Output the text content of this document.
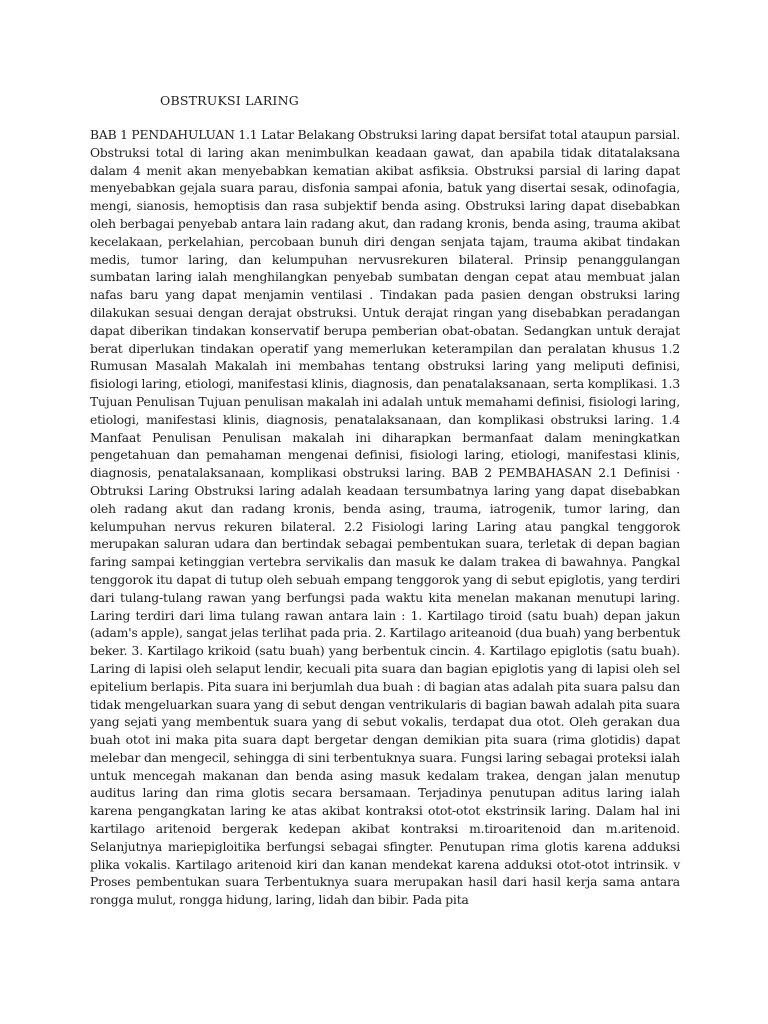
OBSTRUKSI LARING

BAB 1 PENDAHULUAN 1.1 Latar Belakang Obstruksi laring dapat bersifat total ataupun parsial. Obstruksi total di laring akan menimbulkan keadaan gawat, dan apabila tidak ditatalaksana dalam 4 menit akan menyebabkan kematian akibat asfiksia. Obstruksi parsial di laring dapat menyebabkan gejala suara parau, disfonia sampai afonia, batuk yang disertai sesak, odinofagia, mengi, sianosis, hemoptisis dan rasa subjektif benda asing. Obstruksi laring dapat disebabkan oleh berbagai penyebab antara lain radang akut, dan radang kronis, benda asing, trauma akibat kecelakaan, perkelahian, percobaan bunuh diri dengan senjata tajam, trauma akibat tindakan medis, tumor laring, dan kelumpuhan nervusrekuren bilateral. Prinsip penanggulangan sumbatan laring ialah menghilangkan penyebab sumbatan dengan cepat atau membuat jalan nafas baru yang dapat menjamin ventilasi . Tindakan pada pasien dengan obstruksi laring dilakukan sesuai dengan derajat obstruksi. Untuk derajat ringan yang disebabkan peradangan dapat diberikan tindakan konservatif berupa pemberian obat-obatan. Sedangkan untuk derajat berat diperlukan tindakan operatif yang memerlukan keterampilan dan peralatan khusus 1.2 Rumusan Masalah Makalah ini membahas tentang obstruksi laring yang meliputi definisi, fisiologi laring, etiologi, manifestasi klinis, diagnosis, dan penatalaksanaan, serta komplikasi. 1.3 Tujuan Penulisan Tujuan penulisan makalah ini adalah untuk memahami definisi, fisiologi laring, etiologi, manifestasi klinis, diagnosis, penatalaksanaan, dan komplikasi obstruksi laring. 1.4 Manfaat Penulisan Penulisan makalah ini diharapkan bermanfaat dalam meningkatkan pengetahuan dan pemahaman mengenai definisi, fisiologi laring, etiologi, manifestasi klinis, diagnosis, penatalaksanaan, komplikasi obstruksi laring. BAB 2 PEMBAHASAN 2.1 Definisi · Obtruksi Laring Obstruksi laring adalah keadaan tersumbatnya laring yang dapat disebabkan oleh radang akut dan radang kronis, benda asing, trauma, iatrogenik, tumor laring, dan kelumpuhan nervus rekuren bilateral. 2.2 Fisiologi laring Laring atau pangkal tenggorok merupakan saluran udara dan bertindak sebagai pembentukan suara, terletak di depan bagian faring sampai ketinggian vertebra servikalis dan masuk ke dalam trakea di bawahnya. Pangkal tenggorok itu dapat di tutup oleh sebuah empang tenggorok yang di sebut epiglotis, yang terdiri dari tulang-tulang rawan yang berfungsi pada waktu kita menelan makanan menutupi laring. Laring terdiri dari lima tulang rawan antara lain : 1. Kartilago tiroid (satu buah) depan jakun (adam's apple), sangat jelas terlihat pada pria. 2. Kartilago ariteanoid (dua buah) yang berbentuk beker. 3. Kartilago krikoid (satu buah) yang berbentuk cincin. 4. Kartilago epiglotis (satu buah). Laring di lapisi oleh selaput lendir, kecuali pita suara dan bagian epiglotis yang di lapisi oleh sel epitelium berlapis. Pita suara ini berjumlah dua buah : di bagian atas adalah pita suara palsu dan tidak mengeluarkan suara yang di sebut dengan ventrikularis di bagian bawah adalah pita suara yang sejati yang membentuk suara yang di sebut vokalis, terdapat dua otot. Oleh gerakan dua buah otot ini maka pita suara dapt bergetar dengan demikian pita suara (rima glotidis) dapat melebar dan mengecil, sehingga di sini terbentuknya suara. Fungsi laring sebagai proteksi ialah untuk mencegah makanan dan benda asing masuk kedalam trakea, dengan jalan menutup auditus laring dan rima glotis secara bersamaan. Terjadinya penutupan aditus laring ialah karena pengangkatan laring ke atas akibat kontraksi otot-otot ekstrinsik laring. Dalam hal ini kartilago aritenoid bergerak kedepan akibat kontraksi m.tiroaritenoid dan m.aritenoid. Selanjutnya mariepigloitika berfungsi sebagai sfingter. Penutupan rima glotis karena adduksi plika vokalis. Kartilago aritenoid kiri dan kanan mendekat karena adduksi otot-otot intrinsik. v Proses pembentukan suara Terbentuknya suara merupakan hasil dari hasil kerja sama antara rongga mulut, rongga hidung, laring, lidah dan bibir. Pada pita
